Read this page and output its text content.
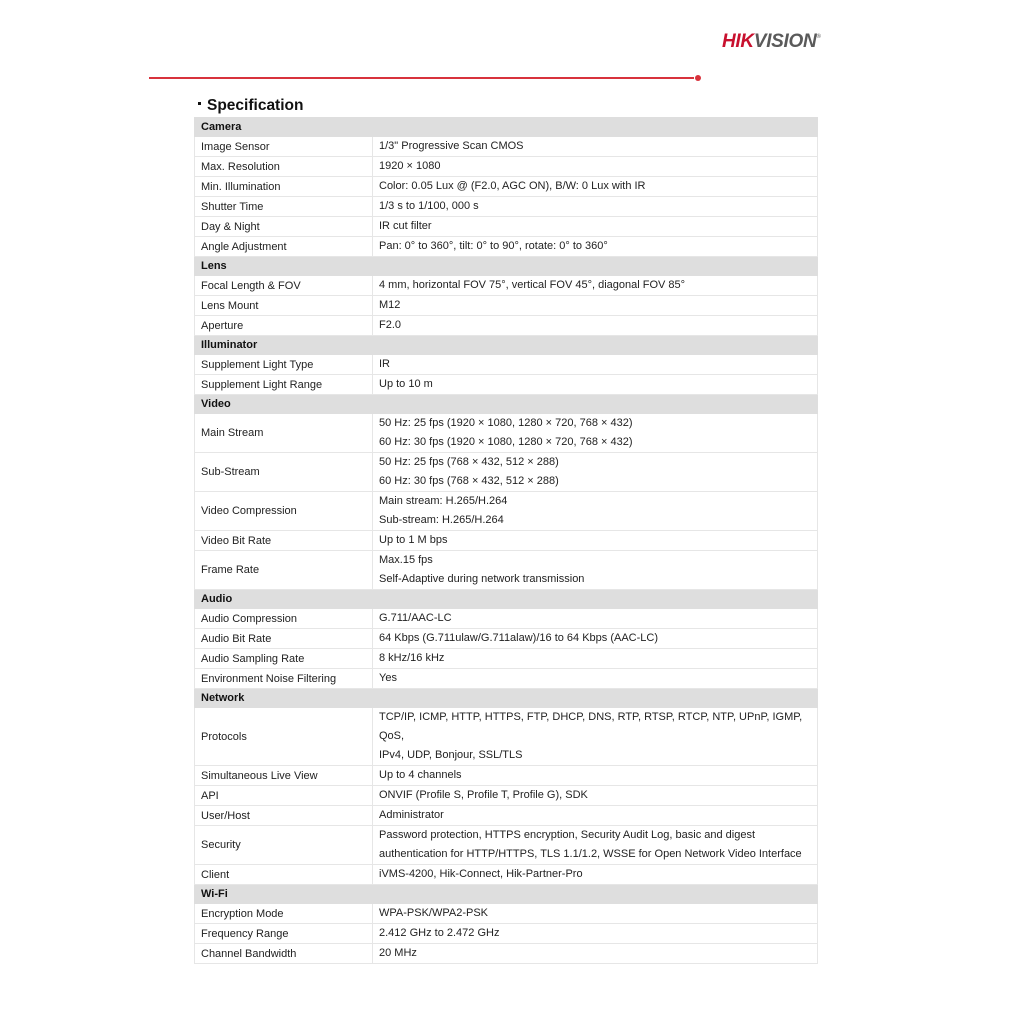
HIKVISION®
Specification
Camera	
Image Sensor	1/3" Progressive Scan CMOS

Max. Resolution	1920 × 1080

Min. Illumination	Color: 0.05 Lux @ (F2.0, AGC ON), B/W: 0 Lux with IR

Shutter Time	1/3 s to 1/100, 000 s

Day & Night	IR cut filter

Angle Adjustment	Pan: 0° to 360°, tilt: 0° to 90°, rotate: 0° to 360°

Lens	
Focal Length & FOV	4 mm, horizontal FOV 75°, vertical FOV 45°, diagonal FOV 85°

Lens Mount	M12

Aperture	F2.0

Illuminator	
Supplement Light Type	IR

Supplement Light Range	Up to 10 m

Video	
Main Stream	50 Hz: 25 fps (1920 × 1080, 1280 × 720, 768 × 432)
60 Hz: 30 fps (1920 × 1080, 1280 × 720, 768 × 432)

Sub-Stream	50 Hz: 25 fps (768 × 432, 512 × 288)
60 Hz: 30 fps (768 × 432, 512 × 288)

Video Compression	Main stream: H.265/H.264
Sub-stream: H.265/H.264

Video Bit Rate	Up to 1 M bps

Frame Rate	Max.15 fps
Self-Adaptive during network transmission

Audio	
Audio Compression	G.711/AAC-LC

Audio Bit Rate	64 Kbps (G.711ulaw/G.711alaw)/16 to 64 Kbps (AAC-LC)

Audio Sampling Rate	8 kHz/16 kHz

Environment Noise Filtering	Yes

Network	
Protocols	TCP/IP, ICMP, HTTP, HTTPS, FTP, DHCP, DNS, RTP, RTSP, RTCP, NTP, UPnP, IGMP, QoS,
IPv4, UDP, Bonjour, SSL/TLS

Simultaneous Live View	Up to 4 channels

API	ONVIF (Profile S, Profile T, Profile G), SDK

User/Host	Administrator

Security	Password protection, HTTPS encryption, Security Audit Log, basic and digest
authentication for HTTP/HTTPS, TLS 1.1/1.2, WSSE for Open Network Video Interface

Client	iVMS-4200, Hik-Connect, Hik-Partner-Pro

Wi-Fi	
Encryption Mode	WPA-PSK/WPA2-PSK

Frequency Range	2.412 GHz to 2.472 GHz

Channel Bandwidth	20 MHz
